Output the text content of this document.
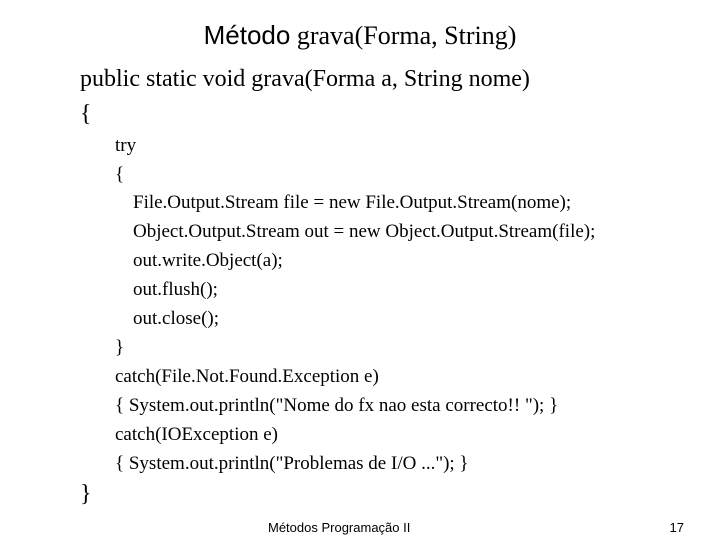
Método grava(Forma, String)
public static void grava(Forma a, String nome)
{
try
{
File.Output.Stream file = new File.Output.Stream(nome);
Object.Output.Stream out = new Object.Output.Stream(file);
out.write.Object(a);
out.flush();
out.close();
}
catch(File.Not.Found.Exception e)
{ System.out.println("Nome do fx nao esta correcto!! "); }
catch(IOException e)
{ System.out.println("Problemas de I/O ..."); }
}
Métodos Programação II	17
